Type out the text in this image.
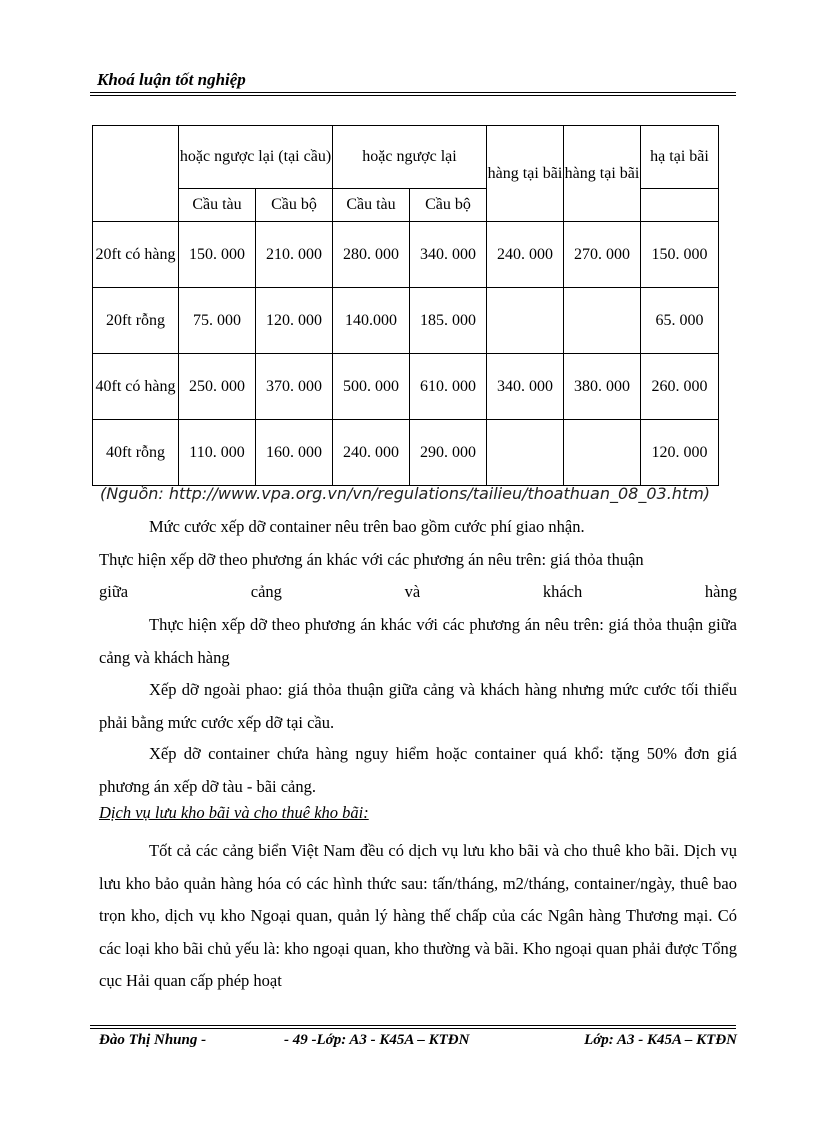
Khoá luận tốt nghiệp
	hoặc ngược lại (tại cầu)		hoặc ngược lại		hàng tại bãi	hàng tại bãi	hạ tại bãi
	Cầu tàu	Cầu bộ	Cầu tàu	Cầu bộ			
20ft có hàng	150. 000	210. 000	280. 000	340. 000	240. 000	270. 000	150. 000
20ft rỗng	75. 000	120. 000	140.000	185. 000			65. 000
40ft có hàng	250. 000	370. 000	500. 000	610. 000	340. 000	380. 000	260. 000
40ft rỗng	110. 000	160. 000	240. 000	290. 000			120. 000
(Nguồn: http://www.vpa.org.vn/vn/regulations/tailieu/thoathuan_08_03.htm)
Mức cước xếp dỡ container nêu trên bao gồm cước phí giao nhận.
Thực hiện xếp dỡ theo phương án khác với các phương án nêu trên: giá thỏa thuận
giữa	cảng	và	khách	hàng
Thực hiện xếp dỡ theo phương án khác với các phương án nêu trên: giá thỏa thuận giữa cảng và khách hàng
Xếp dỡ ngoài phao: giá thỏa thuận giữa cảng và khách hàng nhưng mức cước tối thiểu phải bằng mức cước xếp dỡ tại cầu.
Xếp dỡ container chứa hàng nguy hiểm hoặc container quá khổ: tặng 50% đơn giá phương án xếp dỡ tàu - bãi cảng.
Dịch vụ lưu kho bãi và cho thuê kho bãi:
Tốt cả các cảng biển Việt Nam đều có dịch vụ lưu kho bãi và cho thuê kho bãi. Dịch vụ lưu kho bảo quản hàng hóa có các hình thức sau: tấn/tháng, m2/tháng, container/ngày, thuê bao trọn kho, dịch vụ kho Ngoại quan, quản lý hàng thế chấp của các Ngân hàng Thương mại. Có các loại kho bãi chủ yếu là: kho ngoại quan, kho thường và bãi. Kho ngoại quan phải được Tổng cục Hải quan cấp phép hoạt
Đào Thị Nhung -	- 49 -Lớp: A3 - K45A – KTĐN	Lớp: A3 - K45A – KTĐN
